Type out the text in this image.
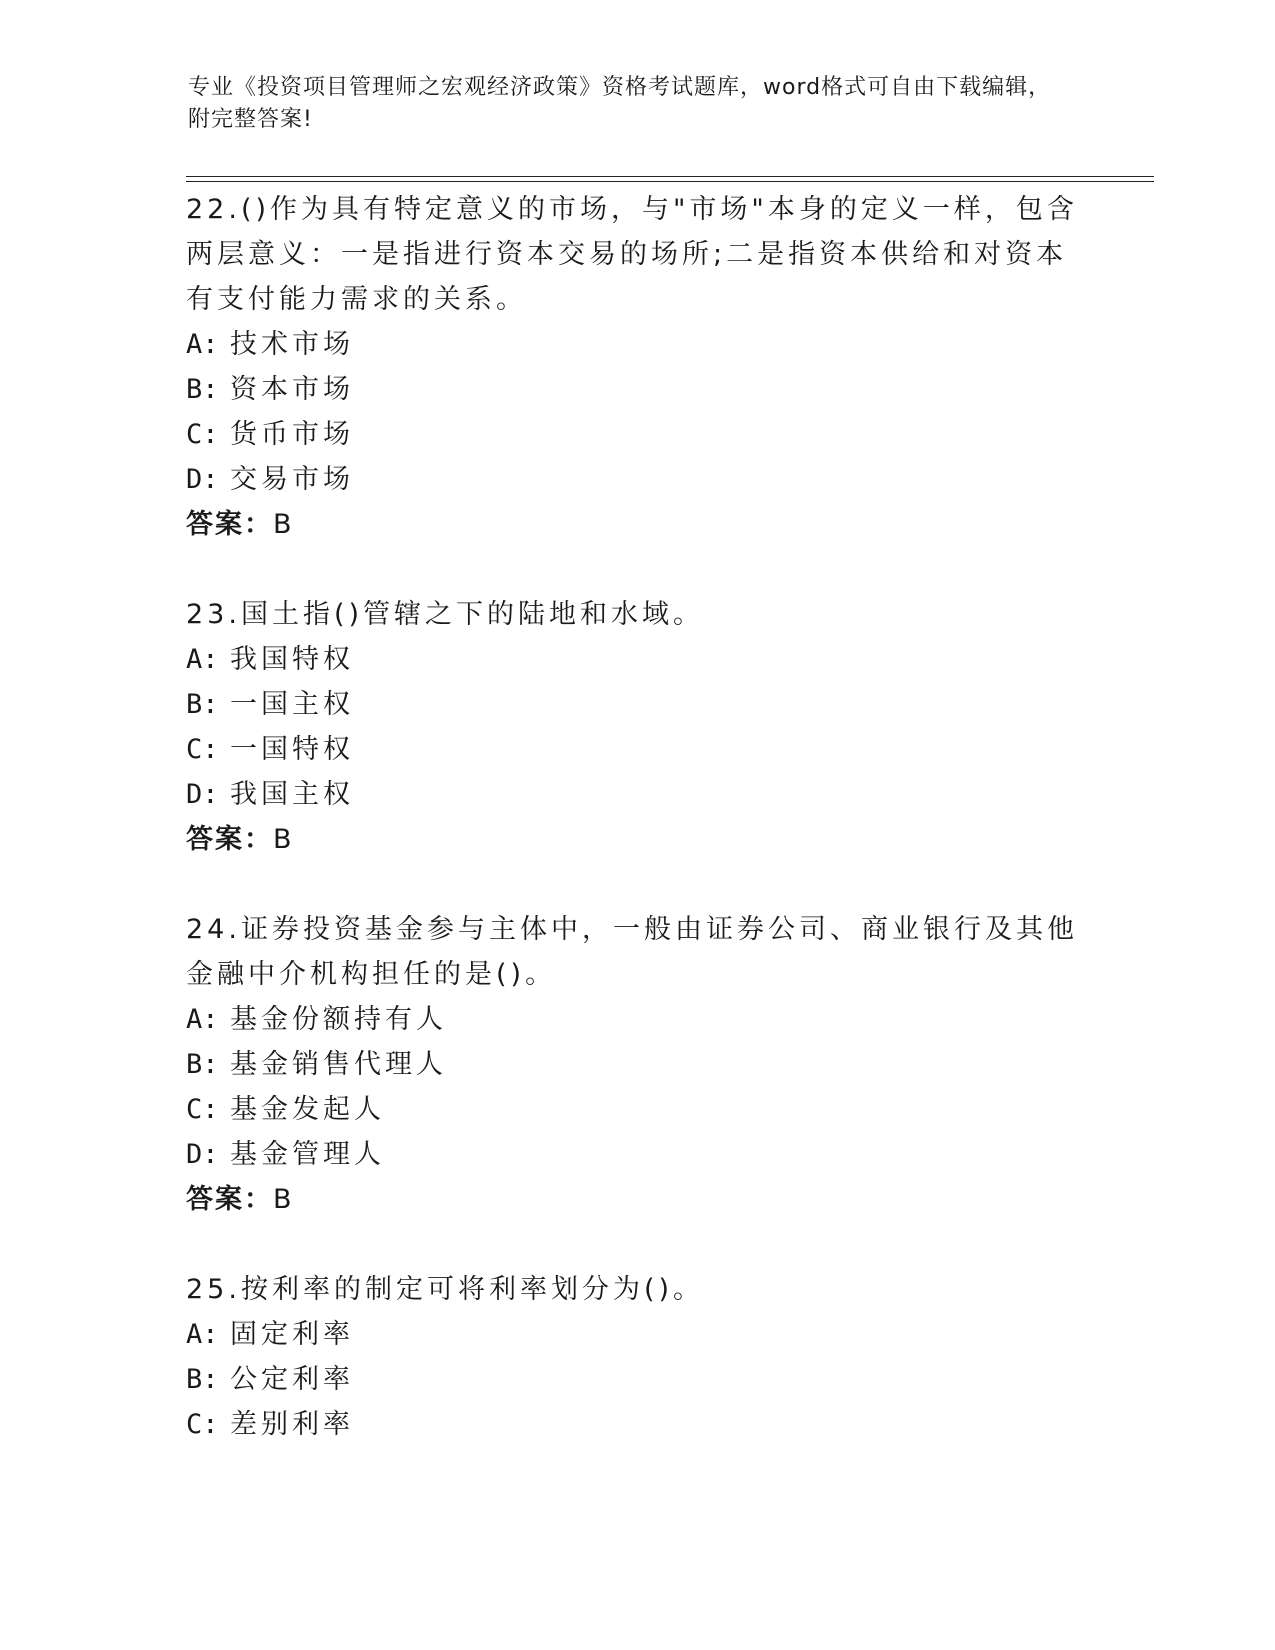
专业《投资项目管理师之宏观经济政策》资格考试题库，word格式可自由下载编辑，附完整答案!
22.()作为具有特定意义的市场，与"市场"本身的定义一样，包含两层意义：一是指进行资本交易的场所;二是指资本供给和对资本有支付能力需求的关系。
A: 技术市场
B: 资本市场
C: 货币市场
D: 交易市场
答案：B
23.国土指()管辖之下的陆地和水域。
A: 我国特权
B: 一国主权
C: 一国特权
D: 我国主权
答案：B
24.证券投资基金参与主体中，一般由证券公司、商业银行及其他金融中介机构担任的是()。
A: 基金份额持有人
B: 基金销售代理人
C: 基金发起人
D: 基金管理人
答案：B
25.按利率的制定可将利率划分为()。
A: 固定利率
B: 公定利率
C: 差别利率
